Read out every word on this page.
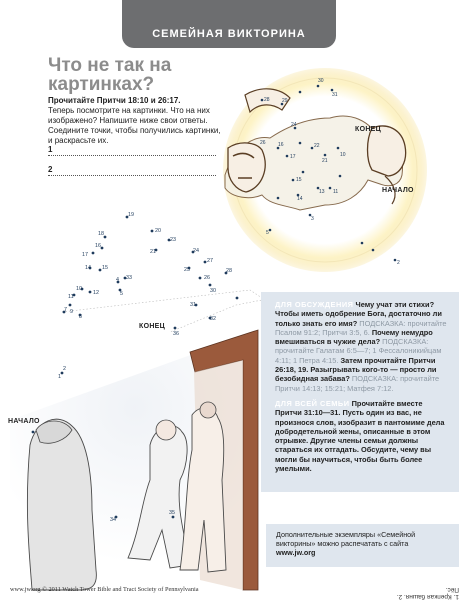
28 29
30
31
24
22
10
16
17
13 11
14
5
3
15
2
21
26
19
18
16
17
14 15
10
12
11
7 9
8
4 33
5
20
23
21	24
27
25
26
28
30
31
32
36
2
1
34
35
СЕМЕЙНАЯ ВИКТОРИНА
Что не так на картинках?
Прочитайте Притчи 18:10 и 26:17.
Теперь посмотрите на картинки. Что на них изображено? Напишите ниже свои ответы. Соедините точки, чтобы получились картинки, и раскрасьте их.
1
2
КОНЕЦ
НАЧАЛО
КОНЕЦ
НАЧАЛО

ДЛЯ ОБСУЖДЕНИЯ Чему учат эти стихи? Чтобы иметь одобрение Бога, достаточно ли только знать его имя? ПОДСКАЗКА: прочитайте Псалом 91:2; Притчи 3:5, 6. Почему немудро вмешиваться в чужие дела? ПОДСКАЗКА: прочитайте Галатам 6:5—7; 1 Фессалоникийцам 4:11; 1 Петра 4:15. Затем прочитайте Притчи 26:18, 19. Разыгрывать кого-то — просто ли безобидная забава? ПОДСКАЗКА: прочитайте Притчи 14:13; 15:21; Матфея 7:12.

ДЛЯ ВСЕЙ СЕМЬИ Прочитайте вместе Притчи 31:10—31. Пусть один из вас, не произнося слов, изобразит в пантомиме дела добродетельной жены, описанные в этом отрывке. Другие члены семьи должны стараться их отгадать. Обсудите, чему вы могли бы научиться, чтобы быть более умелыми.

Дополнительные экземпляры «Семейной викторины» можно распечатать с сайта
www.jw.org
www.jw.org © 2011 Watch Tower Bible and Tract Society of Pennsylvania
1. Крепкая башня. 2. Пёс.
